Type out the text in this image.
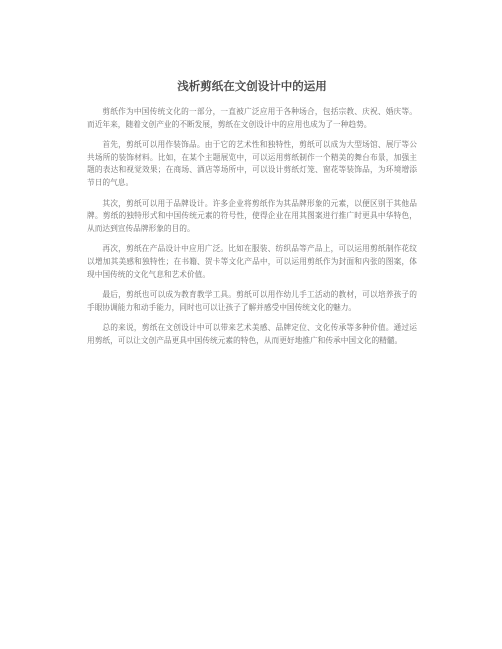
浅析剪纸在文创设计中的运用

剪纸作为中国传统文化的一部分，一直被广泛应用于各种场合，包括宗教、庆祝、婚庆等。而近年来，随着文创产业的不断发展，剪纸在文创设计中的应用也成为了一种趋势。

首先，剪纸可以用作装饰品。由于它的艺术性和独特性，剪纸可以成为大型场馆、展厅等公共场所的装饰材料。比如，在某个主题展览中，可以运用剪纸制作一个精美的舞台布景，加强主题的表达和视觉效果；在商场、酒店等场所中，可以设计剪纸灯笼、窗花等装饰品，为环境增添节日的气息。

其次，剪纸可以用于品牌设计。许多企业将剪纸作为其品牌形象的元素，以便区别于其他品牌。剪纸的独特形式和中国传统元素的符号性，使得企业在用其图案进行推广时更具中华特色，从而达到宣传品牌形象的目的。

再次，剪纸在产品设计中应用广泛。比如在服装、纺织品等产品上，可以运用剪纸制作花纹以增加其美感和独特性；在书籍、贺卡等文化产品中，可以运用剪纸作为封面和内张的图案，体现中国传统的文化气息和艺术价值。

最后，剪纸也可以成为教育教学工具。剪纸可以用作幼儿手工活动的教材，可以培养孩子的手眼协调能力和动手能力，同时也可以让孩子了解并感受中国传统文化的魅力。

总的来说，剪纸在文创设计中可以带来艺术美感、品牌定位、文化传承等多种价值。通过运用剪纸，可以让文创产品更具中国传统元素的特色，从而更好地推广和传承中国文化的精髓。
